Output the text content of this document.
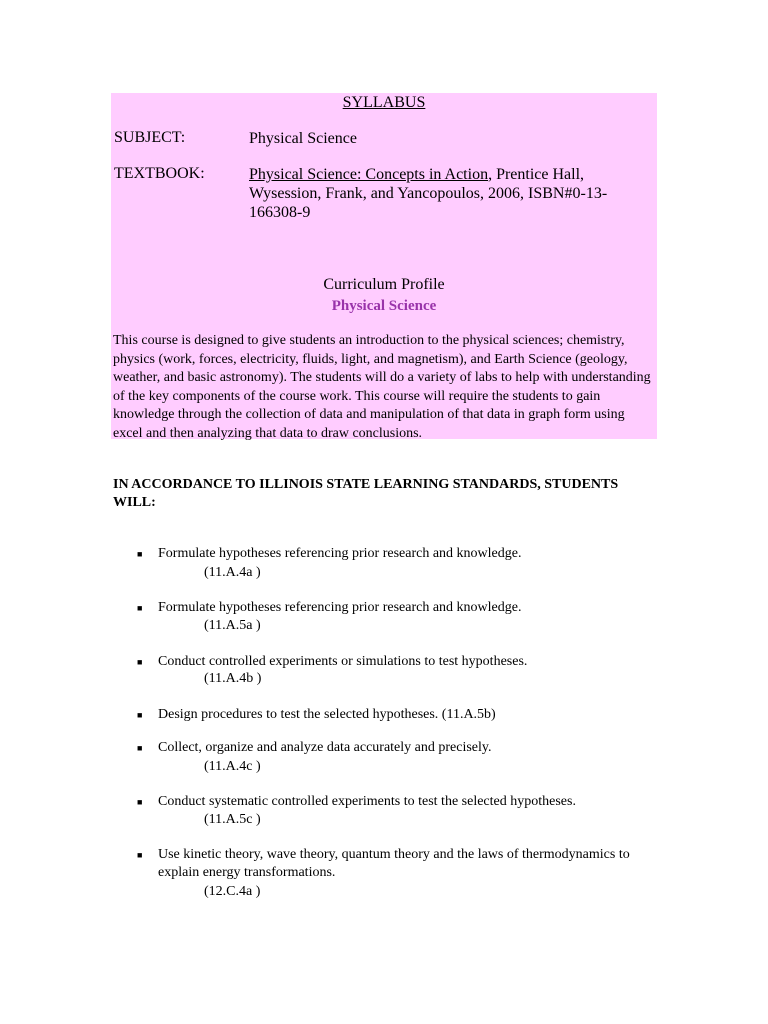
SYLLABUS
SUBJECT:	Physical Science
TEXTBOOK:	Physical Science: Concepts in Action, Prentice Hall, Wysession, Frank, and Yancopoulos, 2006, ISBN#0-13-166308-9
Curriculum Profile
Physical Science
This course is designed to give students an introduction to the physical sciences; chemistry, physics (work, forces, electricity, fluids, light, and magnetism), and Earth Science (geology, weather, and basic astronomy). The students will do a variety of labs to help with understanding of the key components of the course work. This course will require the students to gain knowledge through the collection of data and manipulation of that data in graph form using excel and then analyzing that data to draw conclusions.
IN ACCORDANCE TO ILLINOIS STATE LEARNING STANDARDS, STUDENTS WILL:
■ Formulate hypotheses referencing prior research and knowledge.
(11.A.4a )
■ Formulate hypotheses referencing prior research and knowledge.
(11.A.5a )
■ Conduct controlled experiments or simulations to test hypotheses.
(11.A.4b )
■ Design procedures to test the selected hypotheses. (11.A.5b)
■ Collect, organize and analyze data accurately and precisely.
(11.A.4c )
■ Conduct systematic controlled experiments to test the selected hypotheses.
(11.A.5c )
■ Use kinetic theory, wave theory, quantum theory and the laws of thermodynamics to explain energy transformations.
(12.C.4a )
